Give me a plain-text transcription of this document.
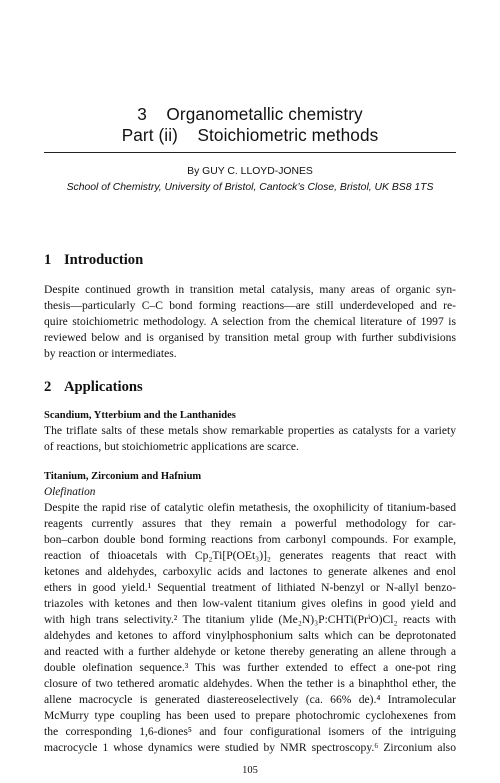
3    Organometallic chemistry
Part (ii)    Stoichiometric methods
By GUY C. LLOYD-JONES
School of Chemistry, University of Bristol, Cantock’s Close, Bristol, UK BS8 1TS
1 Introduction
Despite continued growth in transition metal catalysis, many areas of organic syn-
thesis—particularly C–C bond forming reactions—are still underdeveloped and re-
quire stoichiometric methodology. A selection from the chemical literature of 1997 is
reviewed below and is organised by transition metal group with further subdivisions
by reaction or intermediates.
2 Applications
Scandium, Ytterbium and the Lanthanides
The triflate salts of these metals show remarkable properties as catalysts for a variety
of reactions, but stoichiometric applications are scarce.
Titanium, Zirconium and Hafnium
Olefination
Despite the rapid rise of catalytic olefin metathesis, the oxophilicity of titanium-based
reagents currently assures that they remain a powerful methodology for car-
bon–carbon double bond forming reactions from carbonyl compounds. For example,
reaction of thioacetals with Cp₂Ti[P(OEt₃)]₂ generates reagents that react with
ketones and aldehydes, carboxylic acids and lactones to generate alkenes and enol
ethers in good yield.¹ Sequential treatment of lithiated N-benzyl or N-allyl benzo-
triazoles with ketones and then low-valent titanium gives olefins in good yield and
with high trans selectivity.² The titanium ylide (Me₂N)₃P:CHTi(PrⁱO)Cl₂ reacts with
aldehydes and ketones to afford vinylphosphonium salts which can be deprotonated
and reacted with a further aldehyde or ketone thereby generating an allene through a
double olefination sequence.³ This was further extended to effect a one-pot ring
closure of two tethered aromatic aldehydes. When the tether is a binaphthol ether, the
allene macrocycle is generated diastereoselectively (ca. 66% de).⁴ Intramolecular
McMurry type coupling has been used to prepare photochromic cyclohexenes from
the corresponding 1,6-diones⁵ and four configurational isomers of the intriguing
macrocycle 1 whose dynamics were studied by NMR spectroscopy.⁶ Zirconium also
105
